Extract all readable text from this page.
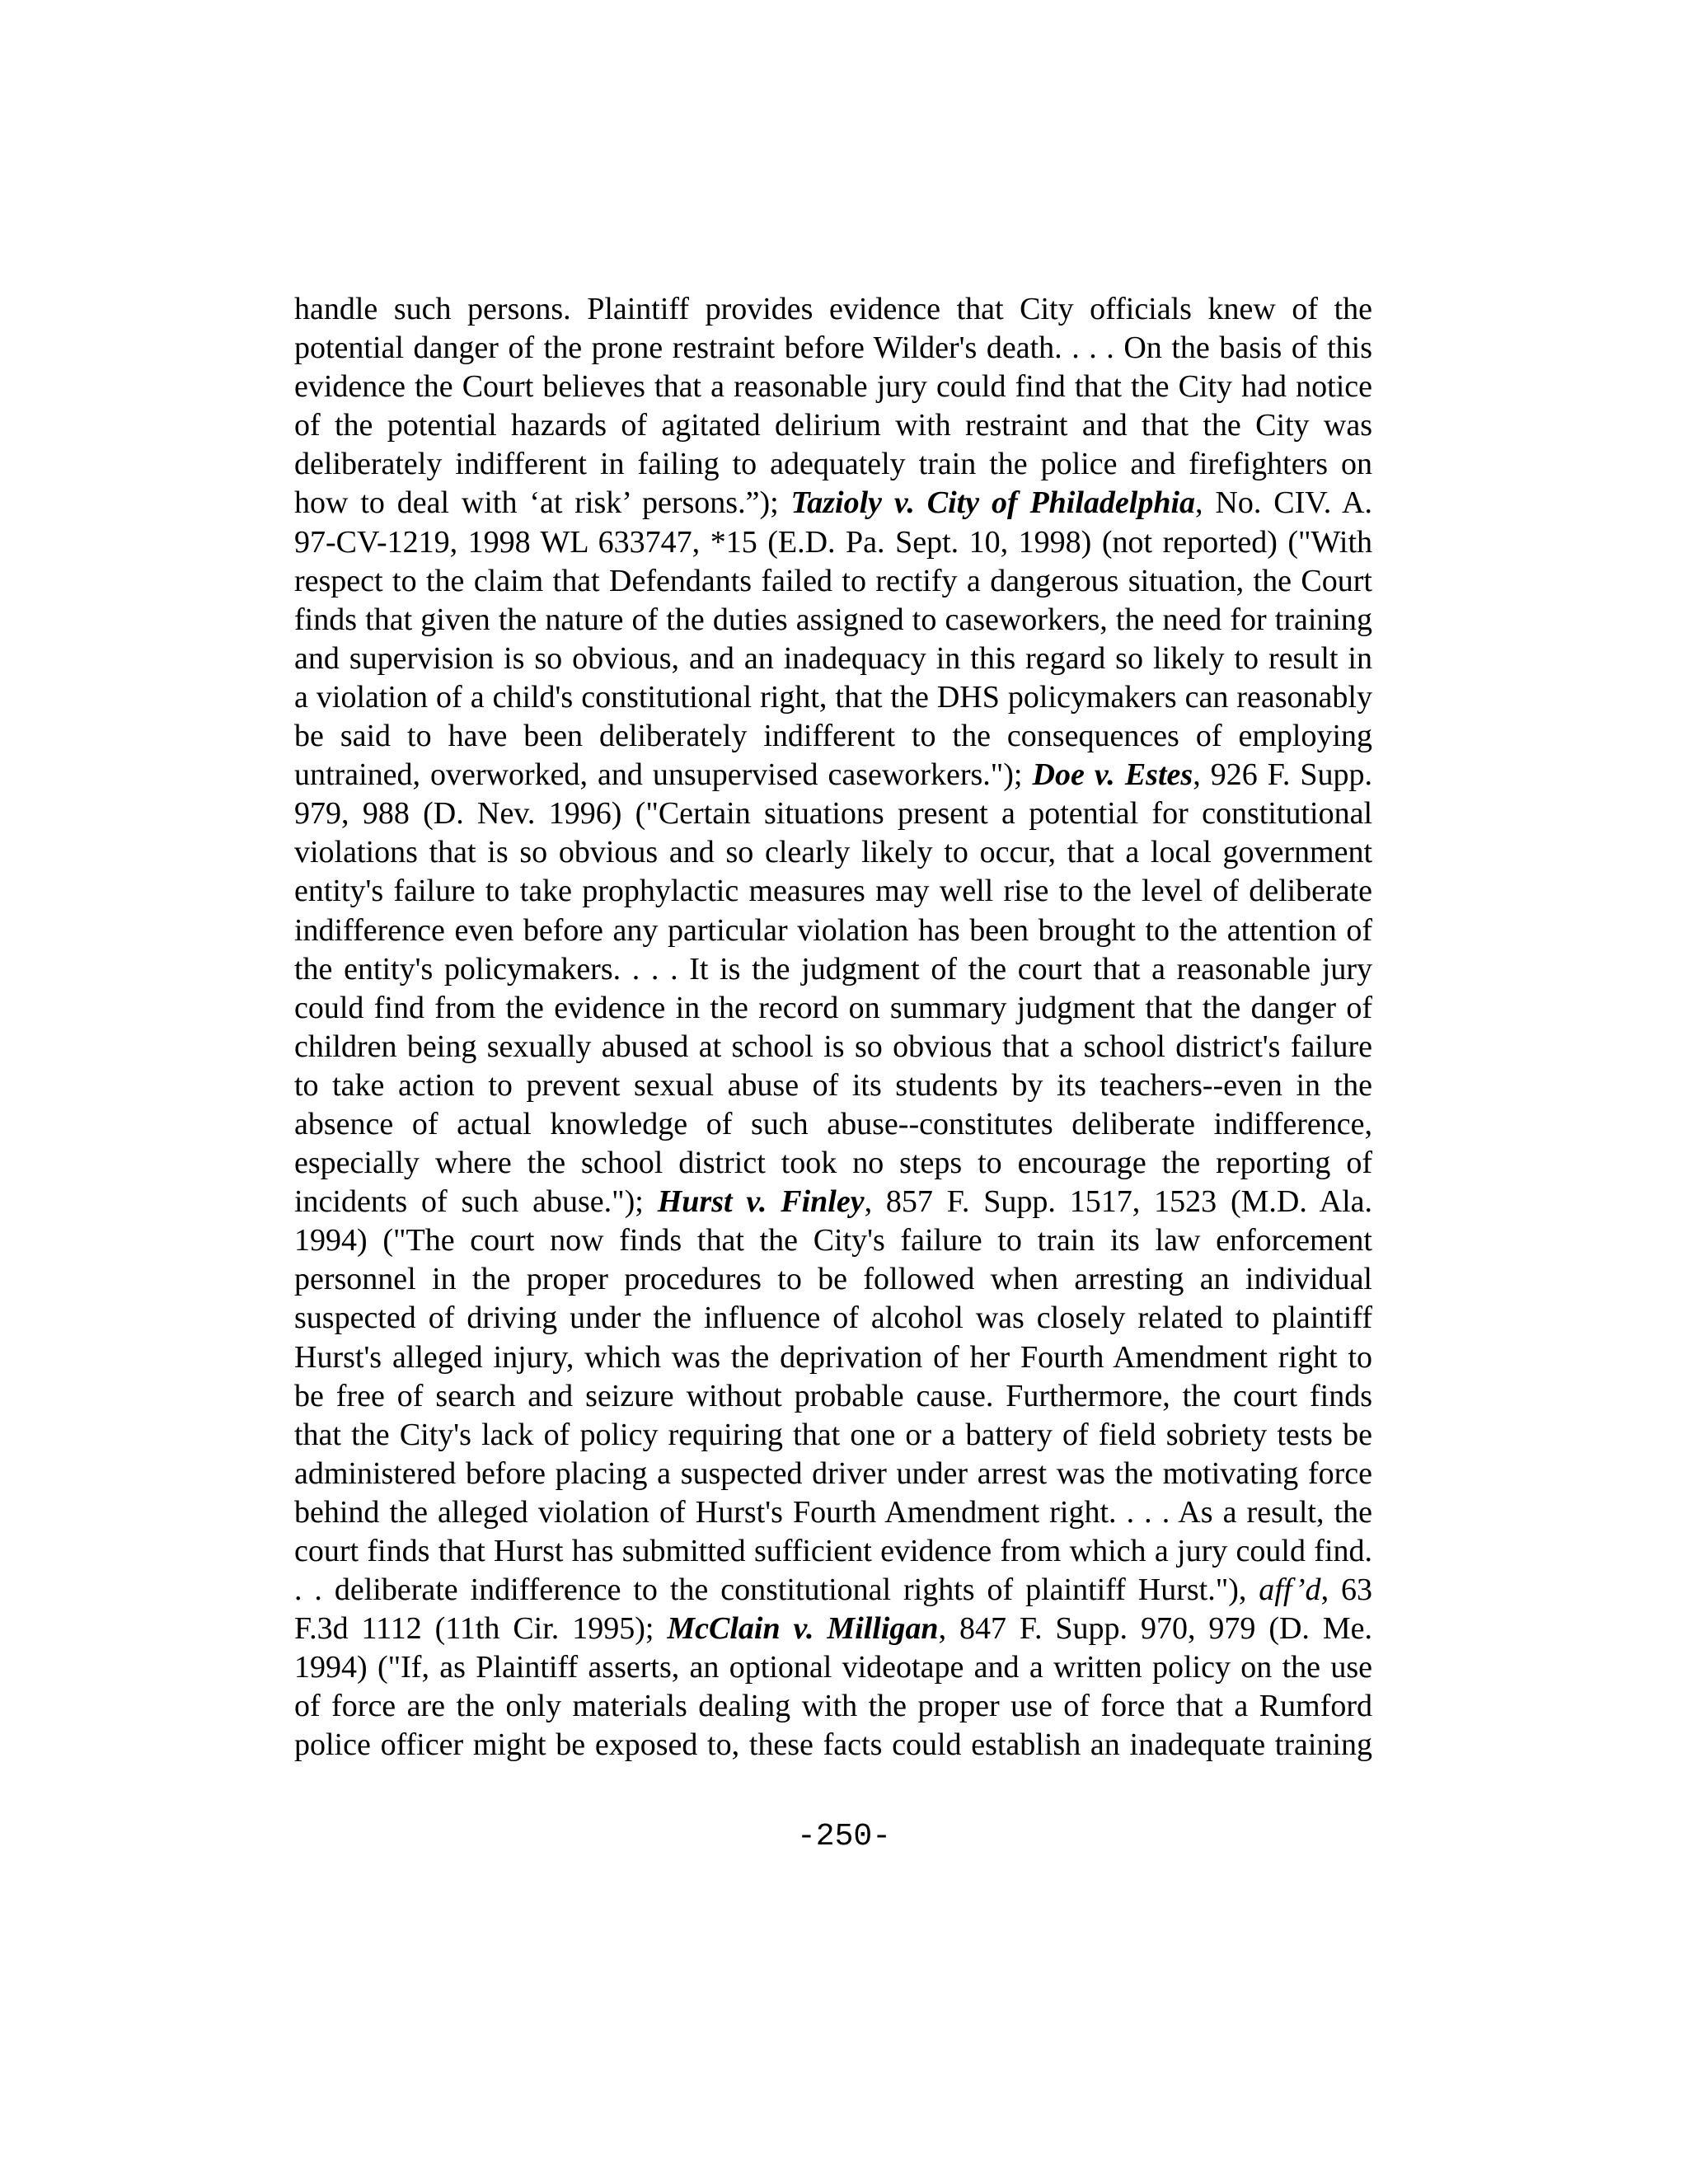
handle such persons. Plaintiff provides evidence that City officials knew of the
potential danger of the prone restraint before Wilder's death. . . . On the basis of this
evidence the Court believes that a reasonable jury could find that the City had notice
of the potential hazards of agitated delirium with restraint and that the City was
deliberately indifferent in failing to adequately train the police and firefighters on
how to deal with ‘at risk’ persons.”); Tazioly v. City of Philadelphia, No. CIV. A.
97-CV-1219, 1998 WL 633747, *15 (E.D. Pa. Sept. 10, 1998) (not reported) ("With
respect to the claim that Defendants failed to rectify a dangerous situation, the Court
finds that given the nature of the duties assigned to caseworkers, the need for training
and supervision is so obvious, and an inadequacy in this regard so likely to result in
a violation of a child's constitutional right, that the DHS policymakers can reasonably
be said to have been deliberately indifferent to the consequences of employing
untrained, overworked, and unsupervised caseworkers."); Doe v. Estes, 926 F. Supp.
979, 988 (D. Nev. 1996) ("Certain situations present a potential for constitutional
violations that is so obvious and so clearly likely to occur, that a local government
entity's failure to take prophylactic measures may well rise to the level of deliberate
indifference even before any particular violation has been brought to the attention of
the entity's policymakers. . . . It is the judgment of the court that a reasonable jury
could find from the evidence in the record on summary judgment that the danger of
children being sexually abused at school is so obvious that a school district's failure
to take action to prevent sexual abuse of its students by its teachers--even in the
absence of actual knowledge of such abuse--constitutes deliberate indifference,
especially where the school district took no steps to encourage the reporting of
incidents of such abuse."); Hurst v. Finley, 857 F. Supp. 1517, 1523 (M.D. Ala.
1994) ("The court now finds that the City's failure to train its law enforcement
personnel in the proper procedures to be followed when arresting an individual
suspected of driving under the influence of alcohol was closely related to plaintiff
Hurst's alleged injury, which was the deprivation of her Fourth Amendment right to
be free of search and seizure without probable cause. Furthermore, the court finds
that the City's lack of policy requiring that one or a battery of field sobriety tests be
administered before placing a suspected driver under arrest was the motivating force
behind the alleged violation of Hurst's Fourth Amendment right. . . . As a result, the
court finds that Hurst has submitted sufficient evidence from which a jury could find.
. . deliberate indifference to the constitutional rights of plaintiff Hurst."), aff’d, 63
F.3d 1112 (11th Cir. 1995); McClain v. Milligan, 847 F. Supp. 970, 979 (D. Me.
1994) ("If, as Plaintiff asserts, an optional videotape and a written policy on the use
of force are the only materials dealing with the proper use of force that a Rumford
police officer might be exposed to, these facts could establish an inadequate training
-250-
